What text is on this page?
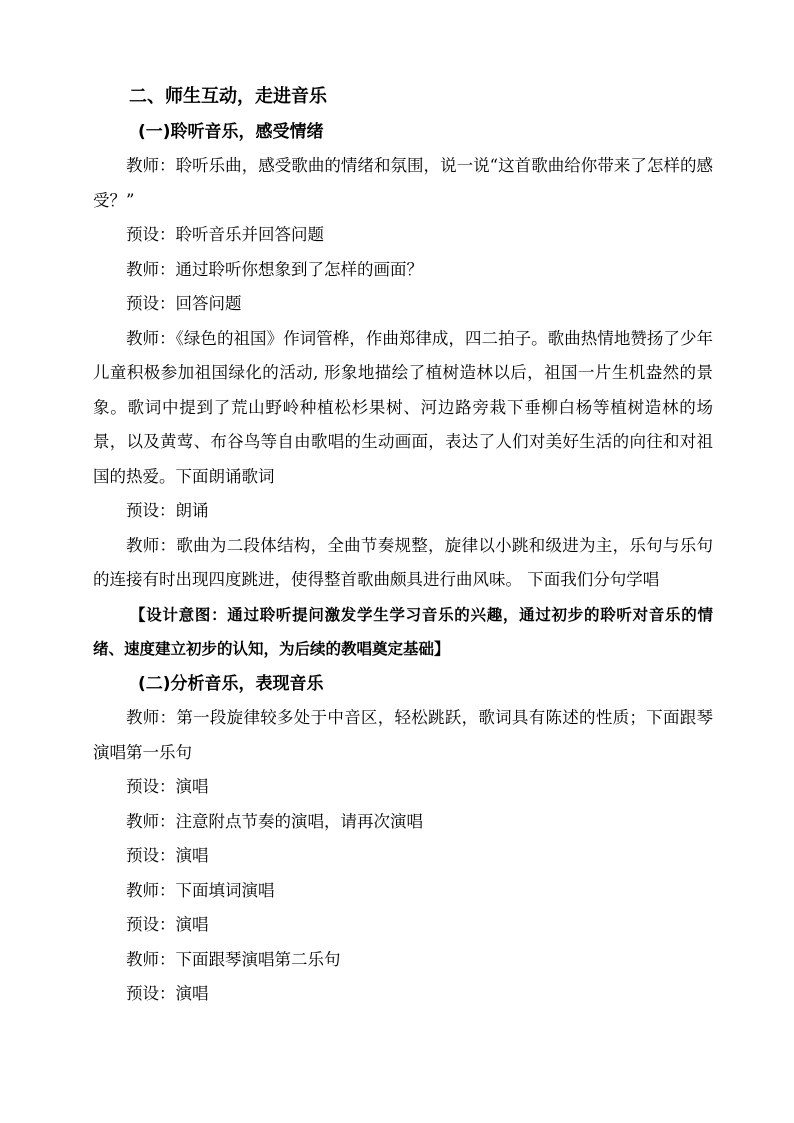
二、师生互动，走进音乐
(一)聆听音乐，感受情绪

教师：聆听乐曲，感受歌曲的情绪和氛围，说一说“这首歌曲给你带来了怎样的感受？”

预设：聆听音乐并回答问题

教师：通过聆听你想象到了怎样的画面？

预设：回答问题

教师：《绿色的祖国》作词管桦，作曲郑律成，四二拍子。歌曲热情地赞扬了少年儿童积极参加祖国绿化的活动, 形象地描绘了植树造林以后，祖国一片生机盎然的景象。歌词中提到了荒山野岭种植松杉果树、河边路旁栽下垂柳白杨等植树造林的场景，以及黄莺、布谷鸟等自由歌唱的生动画面，表达了人们对美好生活的向往和对祖国的热爱。下面朗诵歌词

预设：朗诵

教师：歌曲为二段体结构，全曲节奏规整，旋律以小跳和级进为主，乐句与乐句的连接有时出现四度跳进，使得整首歌曲颇具进行曲风味。 下面我们分句学唱

【设计意图：通过聆听提问激发学生学习音乐的兴趣，通过初步的聆听对音乐的情绪、速度建立初步的认知，为后续的教唱奠定基础】

(二)分析音乐，表现音乐

教师：第一段旋律较多处于中音区，轻松跳跃，歌词具有陈述的性质；下面跟琴演唱第一乐句

预设：演唱

教师：注意附点节奏的演唱，请再次演唱

预设：演唱

教师：下面填词演唱

预设：演唱

教师：下面跟琴演唱第二乐句

预设：演唱
